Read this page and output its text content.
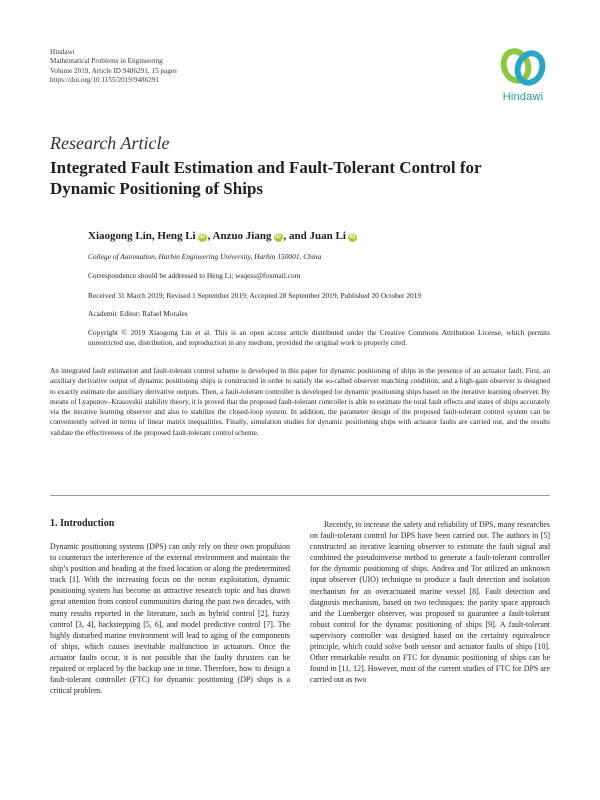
Hindawi
Mathematical Problems in Engineering
Volume 2019, Article ID 9486291, 15 pages
https://doi.org/10.1155/2019/9486291
Hindawi
Research Article
Integrated Fault Estimation and Fault-Tolerant Control for Dynamic Positioning of Ships
Xiaogong Lin, Heng Li iD , Anzuo Jiang iD , and Juan Li iD
College of Automation, Harbin Engineering University, Harbin 150001, China
Correspondence should be addressed to Heng Li; wsqess@foxmail.com
Received 31 March 2019; Revised 1 September 2019; Accepted 28 September 2019; Published 20 October 2019
Academic Editor: Rafael Morales
Copyright © 2019 Xiaogong Lin et al. This is an open access article distributed under the Creative Commons Attribution License, which permits unrestricted use, distribution, and reproduction in any medium, provided the original work is properly cited.
An integrated fault estimation and fault-tolerant control scheme is developed in this paper for dynamic positioning of ships in the presence of an actuator fault. First, an auxiliary derivative output of dynamic positioning ships is constructed in order to satisfy the so-called observer matching condition, and a high-gain observer is designed to exactly estimate the auxiliary derivative outputs. Then, a fault-tolerant controller is developed for dynamic positioning ships based on the iterative learning observer. By means of Lyapunov–Krasovskii stability theory, it is proved that the proposed fault-tolerant controller is able to estimate the total fault effects and states of ships accurately via the iterative learning observer and also to stabilize the closed-loop system. In addition, the parameter design of the proposed fault-tolerant control system can be conveniently solved in terms of linear matrix inequalities. Finally, simulation studies for dynamic positioning ships with actuator faults are carried out, and the results validate the effectiveness of the proposed fault-tolerant control scheme.
1. Introduction

Dynamic positioning systems (DPS) can only rely on their own propulsion to counteract the interference of the external environment and maintain the ship’s position and heading at the fixed location or along the predetermined track [1]. With the increasing focus on the ocean exploitation, dynamic positioning system has become an attractive research topic and has drawn great attention from control communities during the past two decades, with many results reported in the literature, such as hybrid control [2], fuzzy control [3, 4], backstepping [5, 6], and model predictive control [7]. The highly disturbed marine environment will lead to aging of the components of ships, which causes inevitable malfunction in actuators. Once the actuator faults occur, it is not possible that the faulty thrusters can be repaired or replaced by the backup one in time. Therefore, how to design a fault-tolerant controller (FTC) for dynamic positioning (DP) ships is a critical problem.

Recently, to increase the safety and reliability of DPS, many researches on fault-tolerant control for DPS have been carried out. The authors in [5] constructed an iterative learning observer to estimate the fault signal and combined the pseudoinverse method to generate a fault-tolerant controller for the dynamic positioning of ships. Andrea and Tor utilized an unknown input observer (UIO) technique to produce a fault detection and isolation mechanism for an overactuated marine vessel [8]. Fault detection and diagnosis mechanism, based on two techniques: the parity space approach and the Luenberger observer, was proposed to guarantee a fault-tolerant robust control for the dynamic positioning of ships [9]. A fault-tolerant supervisory controller was designed based on the certainty equivalence principle, which could solve both sensor and actuator faults of ships [10]. Other remarkable results on FTC for dynamic positioning of ships can be found in [11, 12]. However, most of the current studies of FTC for DPS are carried out as two
